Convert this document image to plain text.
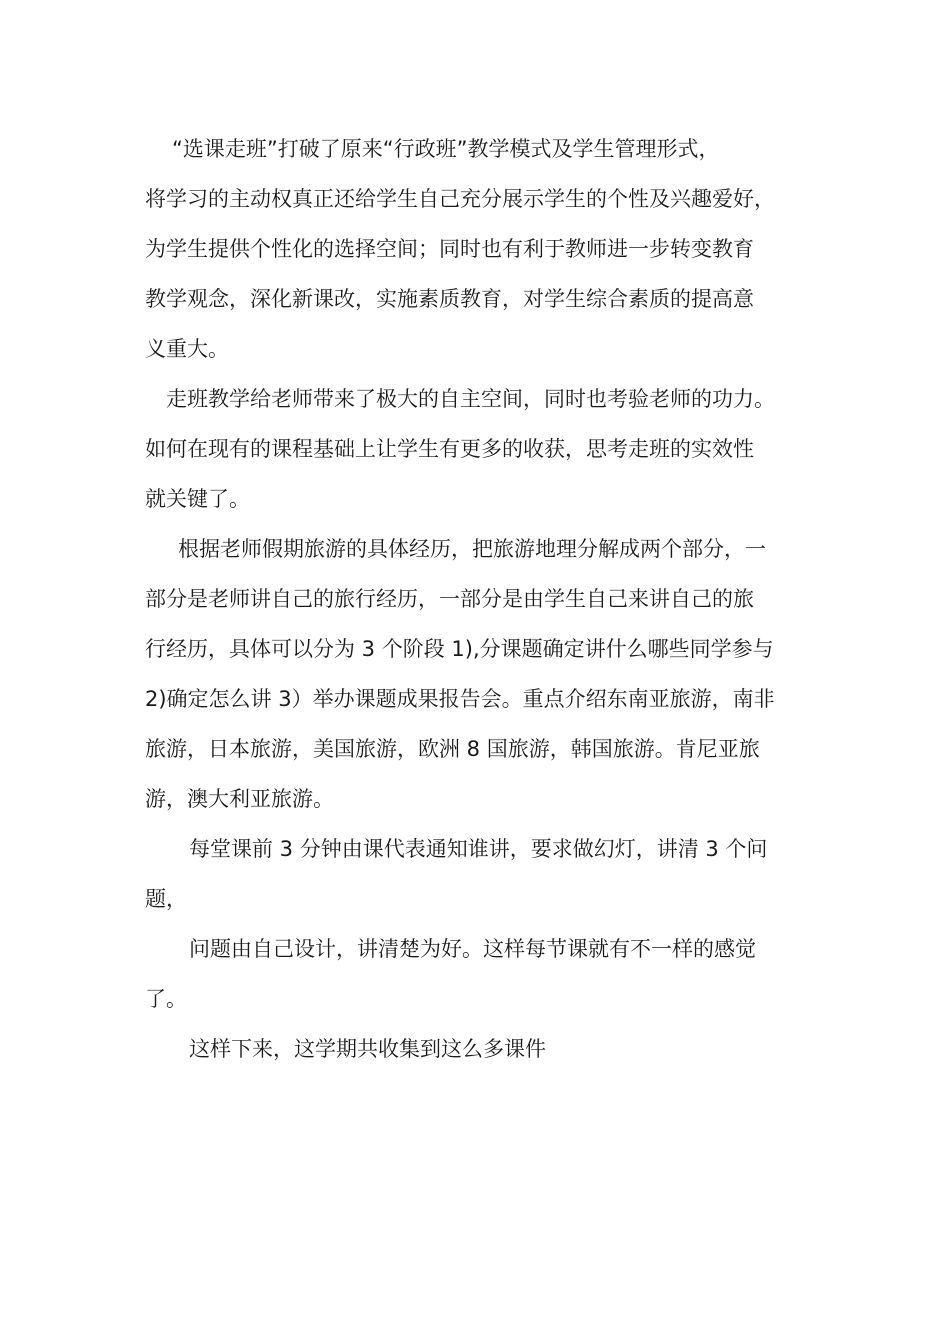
“选课走班”打破了原来“行政班”教学模式及学生管理形式，
将学习的主动权真正还给学生自己充分展示学生的个性及兴趣爱好，
为学生提供个性化的选择空间；同时也有利于教师进一步转变教育
教学观念，深化新课改，实施素质教育，对学生综合素质的提高意
义重大。
走班教学给老师带来了极大的自主空间，同时也考验老师的功力。
如何在现有的课程基础上让学生有更多的收获，思考走班的实效性
就关键了。
根据老师假期旅游的具体经历，把旅游地理分解成两个部分，一
部分是老师讲自己的旅行经历，一部分是由学生自己来讲自己的旅
行经历，具体可以分为 3 个阶段 1),分课题确定讲什么哪些同学参与
2)确定怎么讲 3）举办课题成果报告会。重点介绍东南亚旅游，南非
旅游，日本旅游，美国旅游，欧洲 8 国旅游，韩国旅游。肯尼亚旅
游，澳大利亚旅游。
每堂课前 3 分钟由课代表通知谁讲，要求做幻灯，讲清 3 个问
题，
问题由自己设计，讲清楚为好。这样每节课就有不一样的感觉
了。
这样下来，这学期共收集到这么多课件
